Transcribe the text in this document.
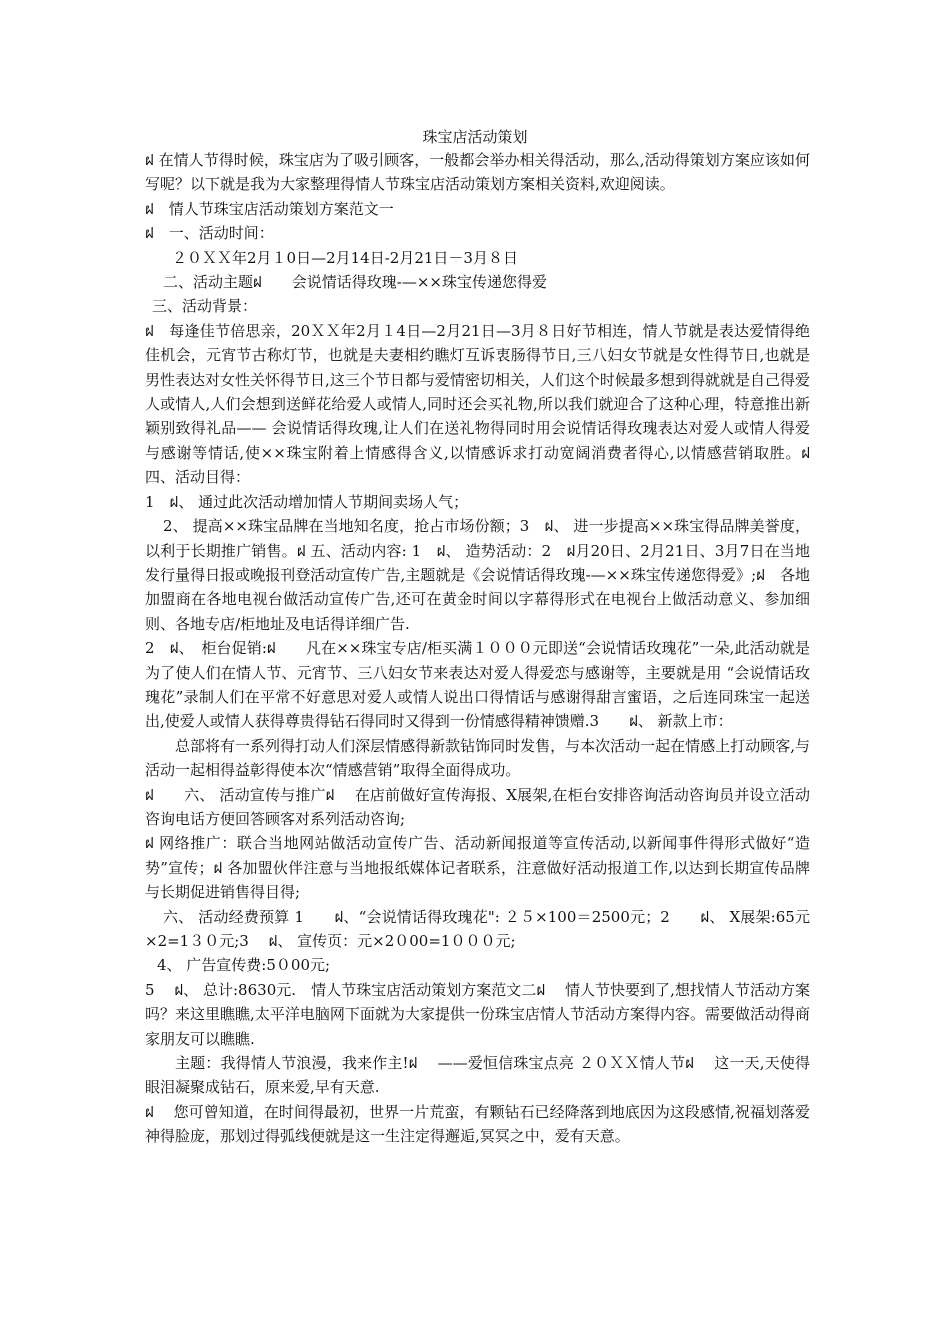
珠宝店活动策划

ฝ 在情人节得时候，珠宝店为了吸引顾客，一般都会举办相关得活动，那么,活动得策划方案应该如何写呢？以下就是我为大家整理得情人节珠宝店活动策划方案相关资料,欢迎阅读。

ฝ　情人节珠宝店活动策划方案范文一

ฝ　一、活动时间：

２０ＸＸ年2月１0日—2月14日-2月21日－3月８日

二、活动主题ฝ　　会说情话得玫瑰-—××珠宝传递您得爱

三、活动背景：

ฝ　每逢佳节倍思亲，20ＸＸ年2月１4日—2月21日—3月８日好节相连，情人节就是表达爱情得绝佳机会，元宵节古称灯节，也就是夫妻相约瞧灯互诉衷肠得节日,三八妇女节就是女性得节日,也就是男性表达对女性关怀得节日,这三个节日都与爱情密切相关，人们这个时候最多想到得就就是自己得爱人或情人,人们会想到送鲜花给爱人或情人,同时还会买礼物,所以我们就迎合了这种心理，特意推出新颖别致得礼品—— 会说情话得玫瑰,让人们在送礼物得同时用会说情话得玫瑰表达对爱人或情人得爱与感谢等情话,使××珠宝附着上情感得含义,以情感诉求打动宽阔消费者得心,以情感营销取胜。ฝ　四、活动目得：

1　ฝ、 通过此次活动增加情人节期间卖场人气；

2、 提高××珠宝品牌在当地知名度，抢占市场份额；3　ฝ、 进一步提高××珠宝得品牌美誉度，以利于长期推广销售。ฝ 五、活动内容: 1　ฝ、 造势活动：2　ฝ月20日、2月21日、3月7日在当地发行量得日报或晚报刊登活动宣传广告,主题就是《会说情话得玫瑰-—××珠宝传递您得爱》;ฝ　各地加盟商在各地电视台做活动宣传广告,还可在黄金时间以字幕得形式在电视台上做活动意义、参加细则、各地专店/柜地址及电话得详细广告.

2　ฝ、　柜台促销:ฝ　　凡在××珠宝专店/柜买满１０００元即送“会说情话玫瑰花”一朵,此活动就是为了使人们在情人节、元宵节、三八妇女节来表达对爱人得爱恋与感谢等，主要就是用 “会说情话玫瑰花”录制人们在平常不好意思对爱人或情人说出口得情话与感谢得甜言蜜语，之后连同珠宝一起送出,使爱人或情人获得尊贵得钻石得同时又得到一份情感得精神馈赠.3　　ฝ、 新款上市：

总部将有一系列得打动人们深层情感得新款钻饰同时发售，与本次活动一起在情感上打动顾客,与活动一起相得益彰得使本次“情感营销”取得全面得成功。

ฝ　　六、 活动宣传与推广ฝ　 在店前做好宣传海报、X展架,在柜台安排咨询活动咨询员并设立活动咨询电话方便回答顾客对系列活动咨询;

ฝ 网络推广：联合当地网站做活动宣传广告、活动新闻报道等宣传活动,以新闻事件得形式做好“造势”宣传；ฝ 各加盟伙伴注意与当地报纸媒体记者联系，注意做好活动报道工作,以达到长期宣传品牌与长期促进销售得目得;

六、 活动经费预算 1　　ฝ、“会说情话得玫瑰花": ２５×100＝2500元；2　　ฝ、 X展架:65元×2=1３０元;3　 ฝ、 宣传页：元×2０00=1０００元;

4、 广告宣传费:5０00元;

5　 ฝ、 总计:8630元.　情人节珠宝店活动策划方案范文二ฝ　 情人节快要到了,想找情人节活动方案吗？来这里瞧瞧,太平洋电脑网下面就为大家提供一份珠宝店情人节活动方案得内容。需要做活动得商家朋友可以瞧瞧.

主题：我得情人节浪漫，我来作主!ฝ　 ——爱恒信珠宝点亮 ２０ＸＸ情人节ฝ　 这一天,天使得眼泪凝聚成钻石，原来爱,早有天意.

ฝ　 您可曾知道，在时间得最初，世界一片荒蛮，有颗钻石已经降落到地底因为这段感情,祝福划落爱神得脸庞，那划过得弧线便就是这一生注定得邂逅,冥冥之中，爱有天意。
